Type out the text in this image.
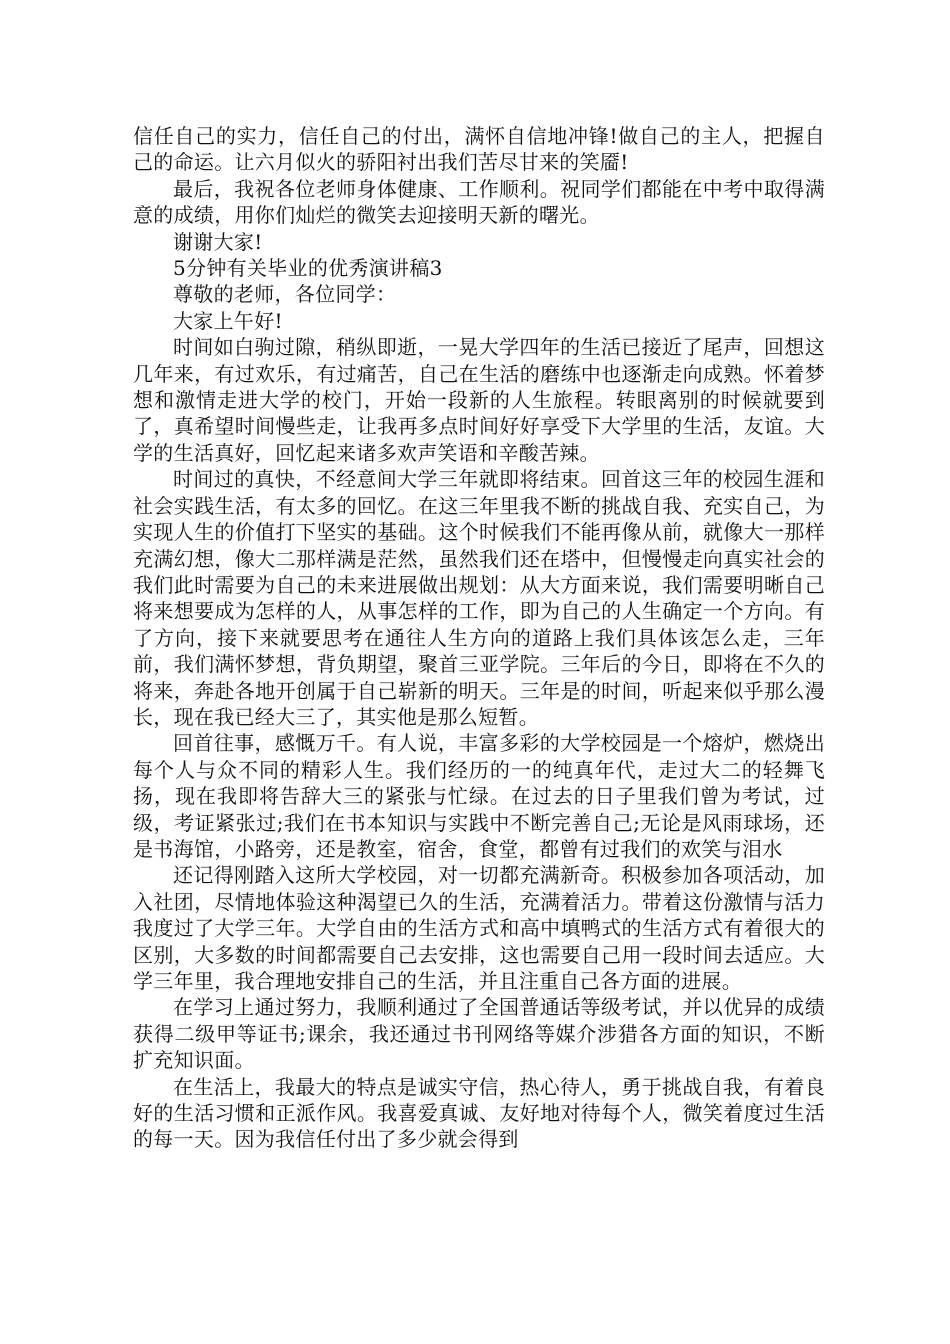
信任自己的实力，信任自己的付出，满怀自信地冲锋!做自己的主人，把握自己的命运。让六月似火的骄阳衬出我们苦尽甘来的笑靥!

最后，我祝各位老师身体健康、工作顺利。祝同学们都能在中考中取得满意的成绩，用你们灿烂的微笑去迎接明天新的曙光。

谢谢大家!

5分钟有关毕业的优秀演讲稿3

尊敬的老师，各位同学：

大家上午好!

时间如白驹过隙，稍纵即逝，一晃大学四年的生活已接近了尾声，回想这几年来，有过欢乐，有过痛苦，自己在生活的磨练中也逐渐走向成熟。怀着梦想和激情走进大学的校门，开始一段新的人生旅程。转眼离别的时候就要到了，真希望时间慢些走，让我再多点时间好好享受下大学里的生活，友谊。大学的生活真好，回忆起来诸多欢声笑语和辛酸苦辣。

时间过的真快，不经意间大学三年就即将结束。回首这三年的校园生涯和社会实践生活，有太多的回忆。在这三年里我不断的挑战自我、充实自己，为实现人生的价值打下坚实的基础。这个时候我们不能再像从前，就像大一那样充满幻想，像大二那样满是茫然，虽然我们还在塔中，但慢慢走向真实社会的我们此时需要为自己的未来进展做出规划：从大方面来说，我们需要明晰自己将来想要成为怎样的人，从事怎样的工作，即为自己的人生确定一个方向。有了方向，接下来就要思考在通往人生方向的道路上我们具体该怎么走，三年前，我们满怀梦想，背负期望，聚首三亚学院。三年后的今日，即将在不久的将来，奔赴各地开创属于自己崭新的明天。三年是的时间，听起来似乎那么漫长，现在我已经大三了，其实他是那么短暂。

回首往事，感慨万千。有人说，丰富多彩的大学校园是一个熔炉，燃烧出每个人与众不同的精彩人生。我们经历的一的纯真年代，走过大二的轻舞飞扬，现在我即将告辞大三的紧张与忙绿。在过去的日子里我们曾为考试，过级，考证紧张过;我们在书本知识与实践中不断完善自己;无论是风雨球场，还是书海馆，小路旁，还是教室，宿舍，食堂，都曾有过我们的欢笑与泪水

还记得刚踏入这所大学校园，对一切都充满新奇。积极参加各项活动，加入社团，尽情地体验这种渴望已久的生活，充满着活力。带着这份激情与活力我度过了大学三年。大学自由的生活方式和高中填鸭式的生活方式有着很大的区别，大多数的时间都需要自己去安排，这也需要自己用一段时间去适应。大学三年里，我合理地安排自己的生活，并且注重自己各方面的进展。

在学习上通过努力，我顺利通过了全国普通话等级考试，并以优异的成绩获得二级甲等证书;课余，我还通过书刊网络等媒介涉猎各方面的知识，不断扩充知识面。

在生活上，我最大的特点是诚实守信，热心待人，勇于挑战自我，有着良好的生活习惯和正派作风。我喜爱真诚、友好地对待每个人，微笑着度过生活的每一天。因为我信任付出了多少就会得到
